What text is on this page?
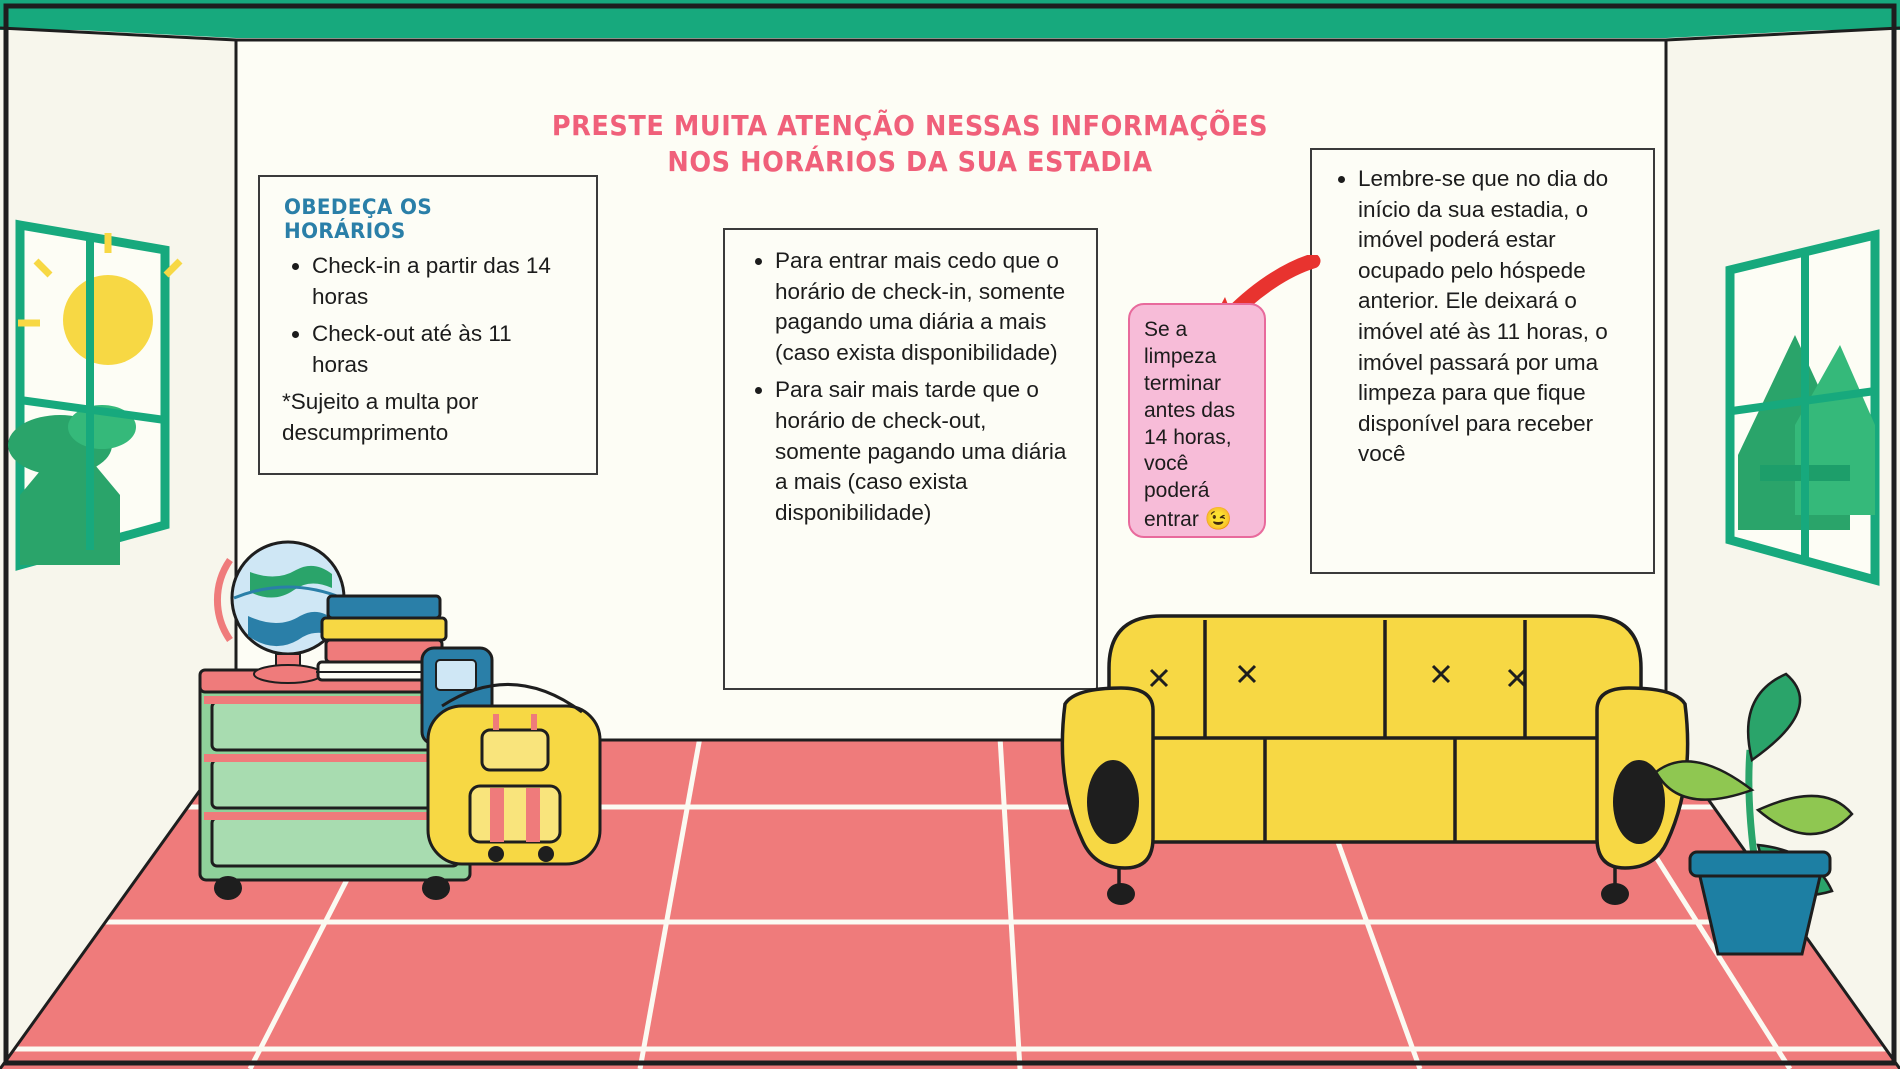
PRESTE MUITA ATENÇÃO NESSAS INFORMAÇÕES
NOS HORÁRIOS DA SUA ESTADIA
OBEDEÇA OS HORÁRIOS
• Check-in a partir das 14 horas
• Check-out até às 11 horas

*Sujeito a multa por descumprimento

• Para entrar mais cedo que o horário de check-in, somente pagando uma diária a mais (caso exista disponibilidade)
• Para sair mais tarde que o horário de check-out, somente pagando uma diária a mais (caso exista disponibilidade)
• Lembre-se que no dia do início da sua estadia, o imóvel poderá estar ocupado pelo hóspede anterior. Ele deixará o imóvel até às 11 horas, o imóvel passará por uma limpeza para que fique disponível para receber você
Se a limpeza terminar antes das 14 horas, você poderá entrar 😉
